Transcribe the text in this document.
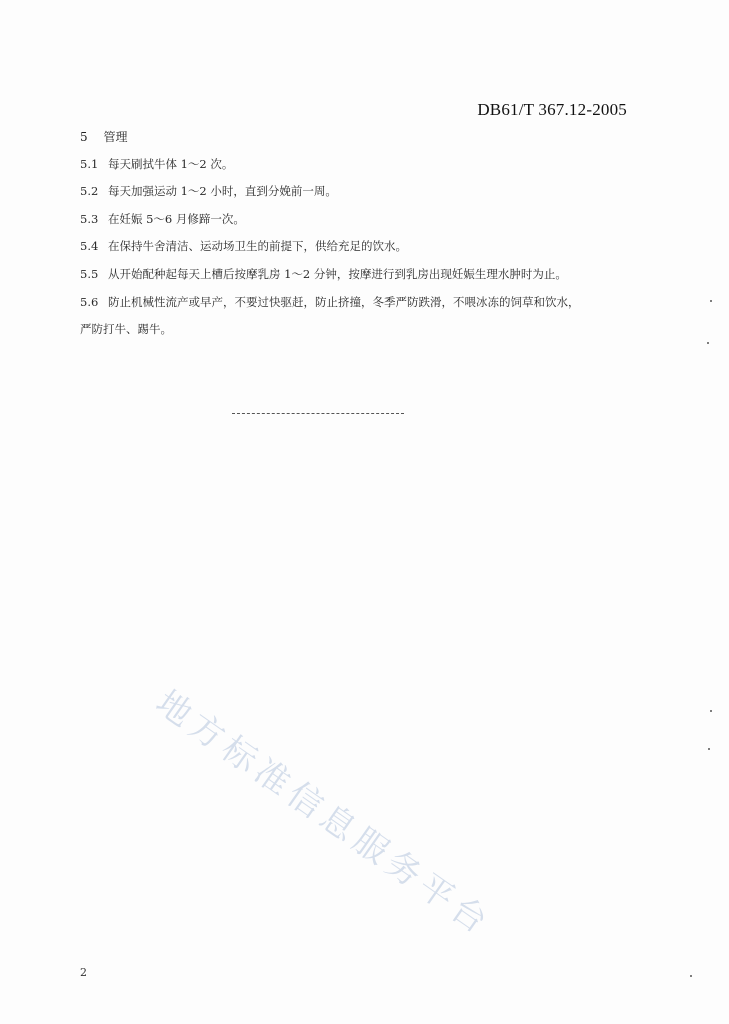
DB61/T 367.12-2005
5 管理
5.1 每天刷拭牛体 1～2 次。
5.2 每天加强运动 1～2 小时，直到分娩前一周。
5.3 在妊娠 5～6 月修蹄一次。
5.4 在保持牛舍清洁、运动场卫生的前提下，供给充足的饮水。
5.5 从开始配种起每天上槽后按摩乳房 1～2 分钟，按摩进行到乳房出现妊娠生理水肿时为止。
5.6 防止机械性流产或早产，不要过快驱赶，防止挤撞，冬季严防跌滑，不喂冰冻的饲草和饮水，
严防打牛、踢牛。
地方标准信息服务平台
2
